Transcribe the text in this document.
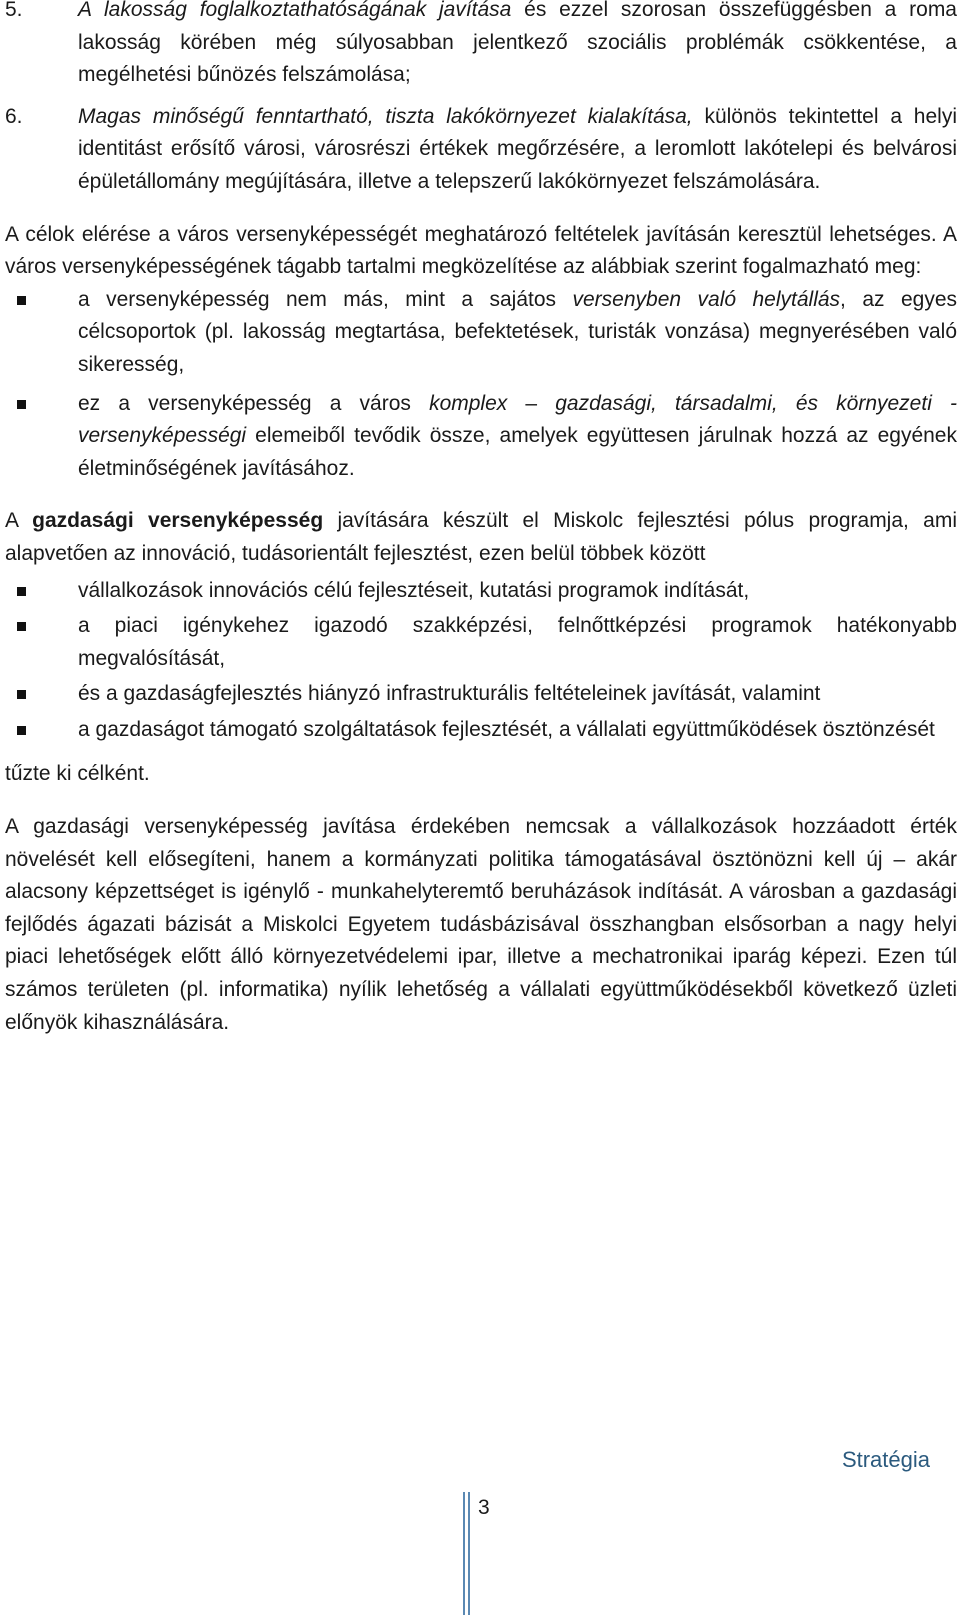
5.	A lakosság foglalkoztathatóságának javítása és ezzel szorosan összefüggésben a roma lakosság körében még súlyosabban jelentkező szociális problémák csökkentése, a megélhetési bűnözés felszámolása;
6.	Magas minőségű fenntartható, tiszta lakókörnyezet kialakítása, különös tekintettel a helyi identitást erősítő városi, városrészi értékek megőrzésére, a leromlott lakótelepi és belvárosi épületállomány megújítására, illetve a telepszerű lakókörnyezet felszámolására.

A célok elérése a város versenyképességét meghatározó feltételek javításán keresztül lehetséges. A város versenyképességének tágabb tartalmi megközelítése az alábbiak szerint fogalmazható meg:

a versenyképesség nem más, mint a sajátos versenyben való helytállás, az egyes célcsoportok (pl. lakosság megtartása, befektetések, turisták vonzása) megnyerésében való sikeresség,
ez a versenyképesség a város komplex – gazdasági, társadalmi, és környezeti - versenyképességi elemeiből tevődik össze, amelyek együttesen járulnak hozzá az egyének életminőségének javításához.

A gazdasági versenyképesség javítására készült el Miskolc fejlesztési pólus programja, ami alapvetően az innováció, tudásorientált fejlesztést, ezen belül többek között

vállalkozások innovációs célú fejlesztéseit, kutatási programok indítását,
a piaci igénykehez igazodó szakképzési, felnőttképzési programok hatékonyabb megvalósítását,
és a gazdaságfejlesztés hiányzó infrastrukturális feltételeinek javítását, valamint
a gazdaságot támogató szolgáltatások fejlesztését, a vállalati együttműködések ösztönzését

tűzte ki célként.

A gazdasági versenyképesség javítása érdekében nemcsak a vállalkozások hozzáadott érték növelését kell elősegíteni, hanem a kormányzati politika támogatásával ösztönözni kell új – akár alacsony képzettséget is igénylő - munkahelyteremtő beruházások indítását. A városban a gazdasági fejlődés ágazati bázisát a Miskolci Egyetem tudásbázisával összhangban elsősorban a nagy helyi piaci lehetőségek előtt álló környezetvédelemi ipar, illetve a mechatronikai iparág képezi. Ezen túl számos területen (pl. informatika) nyílik lehetőség a vállalati együttműködésekből következő üzleti előnyök kihasználására.

Stratégia
3
